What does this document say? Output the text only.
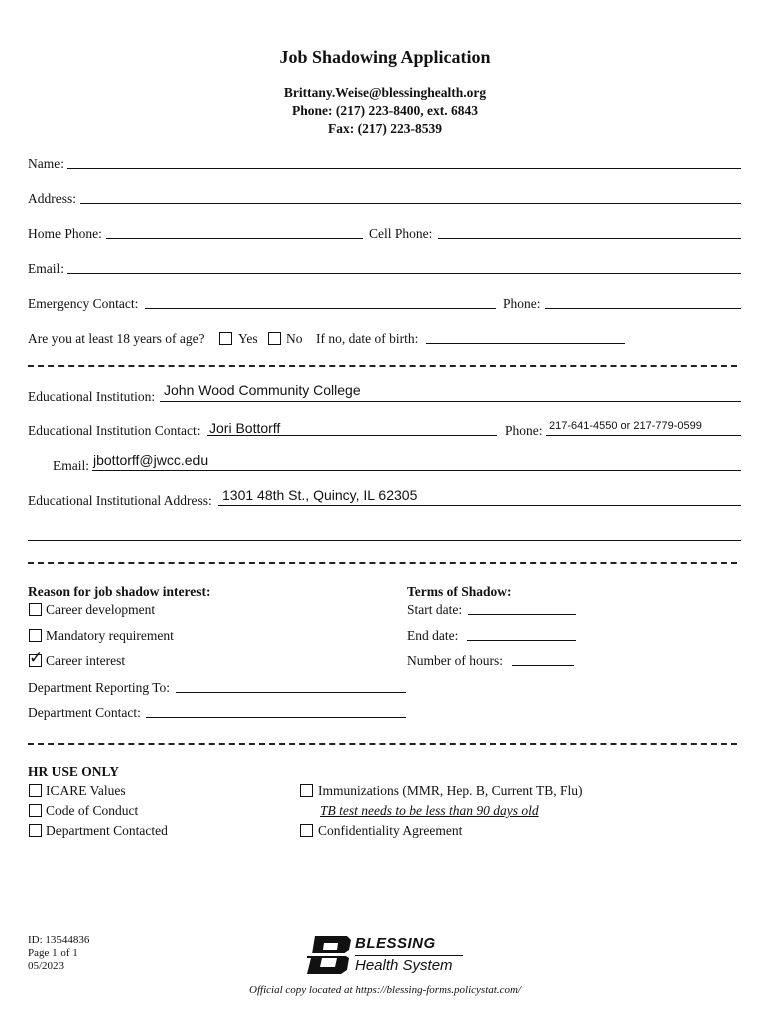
Job Shadowing Application
Brittany.Weise@blessinghealth.org
Phone: (217) 223-8400, ext. 6843
Fax: (217) 223-8539
Name:
Address:
Home Phone:	Cell Phone:
Email:
Emergency Contact:	Phone:
Are you at least 18 years of age? Yes No If no, date of birth:
Educational Institution: John Wood Community College
Educational Institution Contact: Jori Bottorff	Phone: 217-641-4550 or 217-779-0599
Email: jbottorff@jwcc.edu
Educational Institutional Address: 1301 48th St., Quincy, IL 62305
Reason for job shadow interest:
Career development
Mandatory requirement
✓ Career interest
Terms of Shadow:
Start date:
End date:
Number of hours:
Department Reporting To:
Department Contact:
HR USE ONLY
ICARE Values
Code of Conduct
Department Contacted
Immunizations (MMR, Hep. B, Current TB, Flu)
TB test needs to be less than 90 days old
Confidentiality Agreement
ID: 13544836
Page 1 of 1
05/2023
BLESSING
Health System
Official copy located at https://blessing-forms.policystat.com/
